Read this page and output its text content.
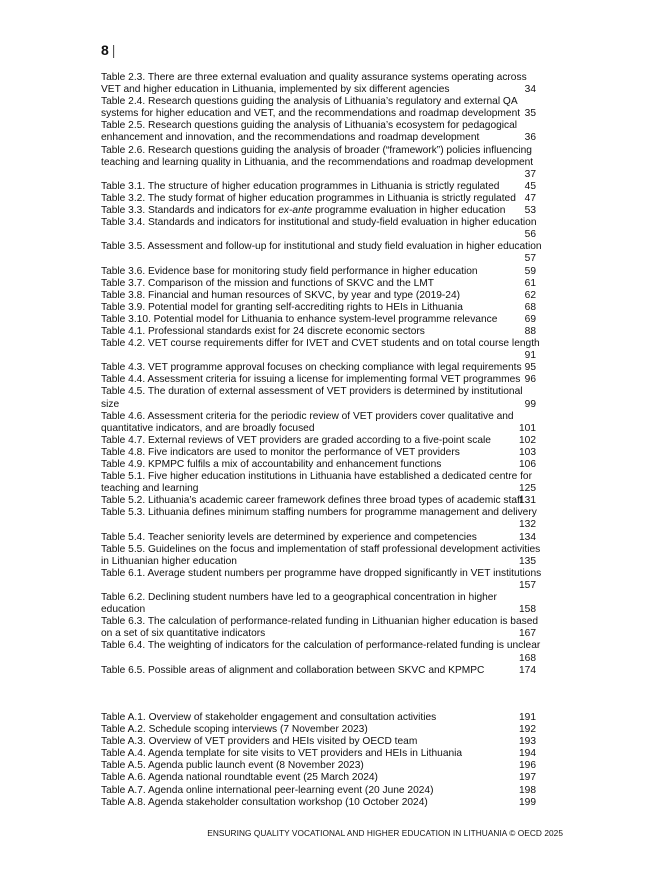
8 |
Table 2.3. There are three external evaluation and quality assurance systems operating across
VET and higher education in Lithuania, implemented by six different agencies	34
Table 2.4. Research questions guiding the analysis of Lithuania’s regulatory and external QA
systems for higher education and VET, and the recommendations and roadmap development 35
Table 2.5. Research questions guiding the analysis of Lithuania’s ecosystem for pedagogical
enhancement and innovation, and the recommendations and roadmap development	36
Table 2.6. Research questions guiding the analysis of broader (“framework”) policies influencing
teaching and learning quality in Lithuania, and the recommendations and roadmap development
37
Table 3.1. The structure of higher education programmes in Lithuania is strictly regulated 45
Table 3.2. The study format of higher education programmes in Lithuania is strictly regulated 47
Table 3.3. Standards and indicators for ex-ante programme evaluation in higher education 53
Table 3.4. Standards and indicators for institutional and study-field evaluation in higher education
56
Table 3.5. Assessment and follow-up for institutional and study field evaluation in higher education
57
Table 3.6. Evidence base for monitoring study field performance in higher education	59
Table 3.7. Comparison of the mission and functions of SKVC and the LMT	61
Table 3.8. Financial and human resources of SKVC, by year and type (2019-24)	62
Table 3.9. Potential model for granting self-accrediting rights to HEIs in Lithuania	68
Table 3.10. Potential model for Lithuania to enhance system-level programme relevance	69
Table 4.1. Professional standards exist for 24 discrete economic sectors	88
Table 4.2. VET course requirements differ for IVET and CVET students and on total course length
91
Table 4.3. VET programme approval focuses on checking compliance with legal requirements 95
Table 4.4. Assessment criteria for issuing a license for implementing formal VET programmes 96
Table 4.5. The duration of external assessment of VET providers is determined by institutional
size	99
Table 4.6. Assessment criteria for the periodic review of VET providers cover qualitative and
quantitative indicators, and are broadly focused	101
Table 4.7. External reviews of VET providers are graded according to a five-point scale	102
Table 4.8. Five indicators are used to monitor the performance of VET providers	103
Table 4.9. KPMPC fulfils a mix of accountability and enhancement functions	106
Table 5.1. Five higher education institutions in Lithuania have established a dedicated centre for
teaching and learning	125
Table 5.2. Lithuania’s academic career framework defines three broad types of academic staff
131
Table 5.3. Lithuania defines minimum staffing numbers for programme management and delivery
132
Table 5.4. Teacher seniority levels are determined by experience and competencies	134
Table 5.5. Guidelines on the focus and implementation of staff professional development activities
in Lithuanian higher education	135
Table 6.1. Average student numbers per programme have dropped significantly in VET institutions
157
Table 6.2. Declining student numbers have led to a geographical concentration in higher
education	158
Table 6.3. The calculation of performance-related funding in Lithuanian higher education is based
on a set of six quantitative indicators	167
Table 6.4. The weighting of indicators for the calculation of performance-related funding is unclear
168
Table 6.5. Possible areas of alignment and collaboration between SKVC and KPMPC	174
Table A.1. Overview of stakeholder engagement and consultation activities	191
Table A.2. Schedule scoping interviews (7 November 2023)	192
Table A.3. Overview of VET providers and HEIs visited by OECD team	193
Table A.4. Agenda template for site visits to VET providers and HEIs in Lithuania	194
Table A.5. Agenda public launch event (8 November 2023)	196
Table A.6. Agenda national roundtable event (25 March 2024)	197
Table A.7. Agenda online international peer-learning event (20 June 2024)	198
Table A.8. Agenda stakeholder consultation workshop (10 October 2024)	199
ENSURING QUALITY VOCATIONAL AND HIGHER EDUCATION IN LITHUANIA © OECD 2025
